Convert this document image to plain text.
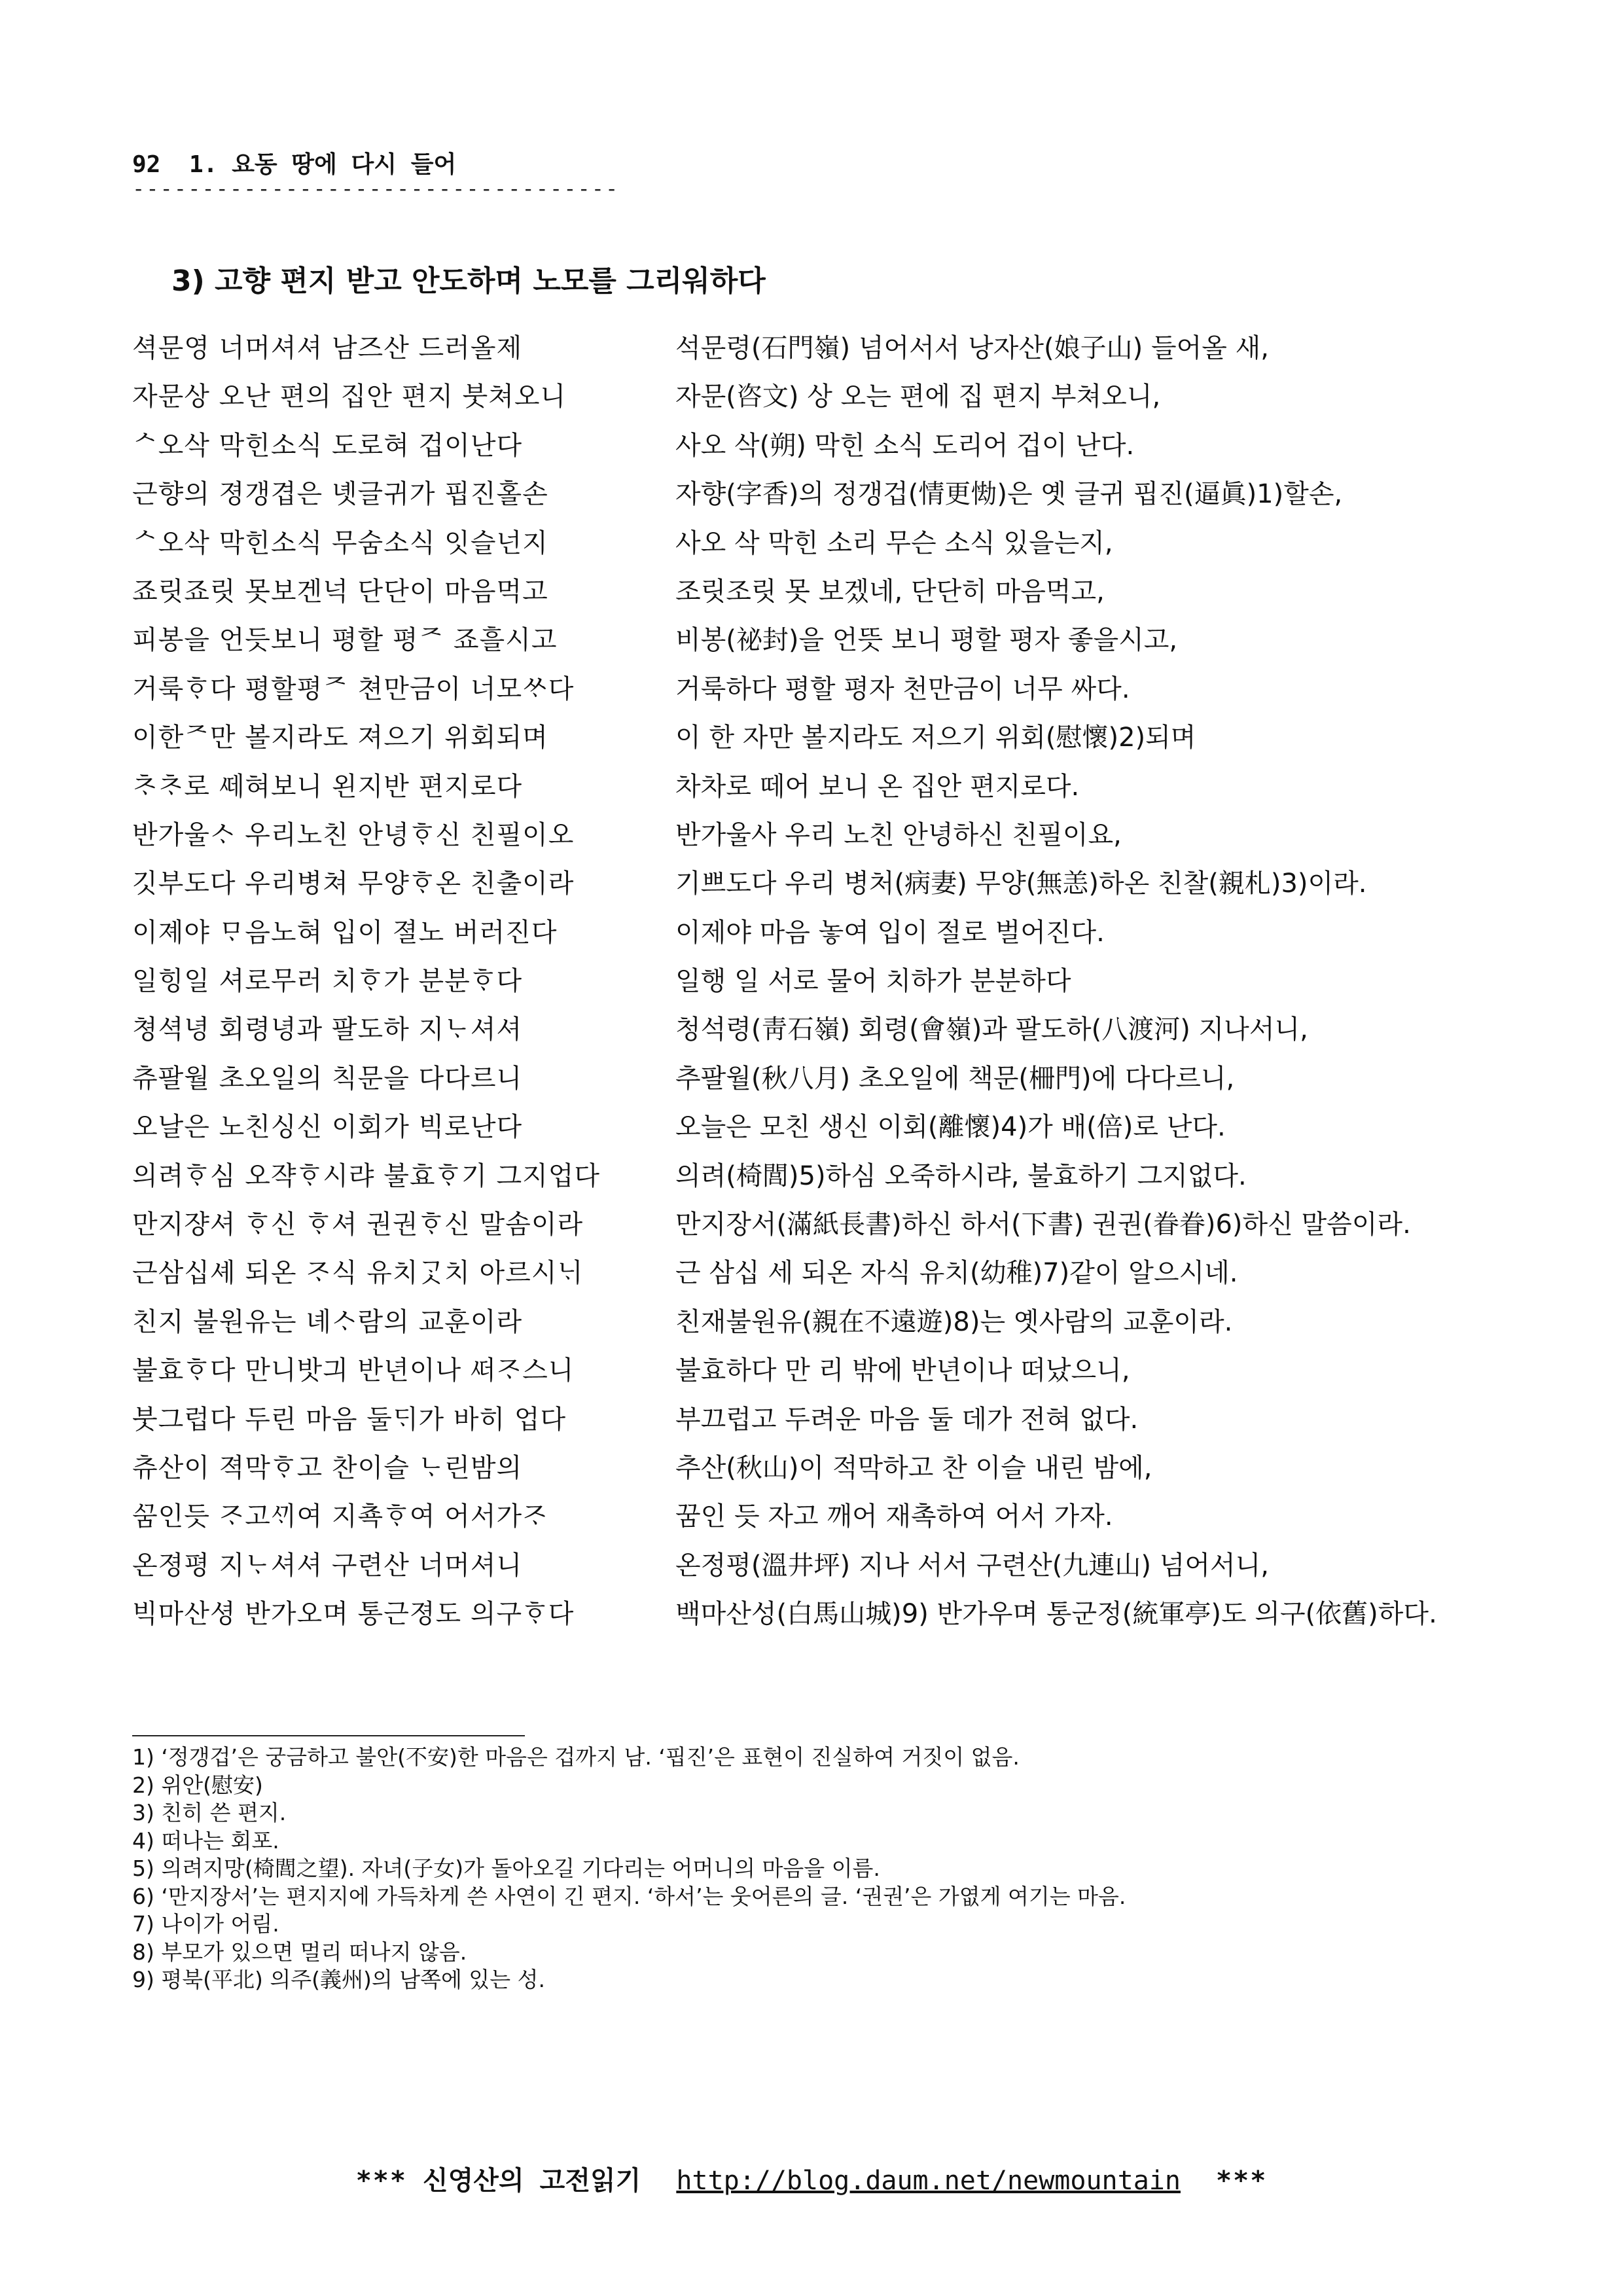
92 1. 요동 땅에 다시 들어
-----------------------------------
3) 고향 편지 받고 안도하며 노모를 그리워하다
셕문영 너머셔셔 남즈산 드러올제	석문령(石門嶺) 넘어서서 낭자산(娘子山) 들어올 새,
자문상 오난 편의 집안 편지 붓쳐오니	자문(咨文) 상 오는 편에 집 편지 부쳐오니,
ᄉ오삭 막힌소식 도로혀 겁이난다	사오 삭(朔) 막힌 소식 도리어 겁이 난다.
근향의 졍갱겹은 녯글귀가 핍진홀손	자향(字香)의 정갱겁(情更㤼)은 옛 글귀 핍진(逼眞)1)할손,
ᄉ오삭 막힌소식 무숨소식 잇슬넌지	사오 삭 막힌 소리 무슨 소식 있을는지,
죠릿죠릿 못보겐넉 단단이 마음먹고	조릿조릿 못 보겠네, 단단히 마음먹고,
피봉을 언듯보니 평할 평ᄌ 죠흘시고	비봉(祕封)을 언뜻 보니 평할 평자 좋을시고,
거룩ᄒᆞ다 평할평ᄌ 쳔만금이 너모ᄊᆞ다	거룩하다 평할 평자 천만금이 너무 싸다.
이한ᄌ만 볼지라도 져으기 위회되며	이 한 자만 볼지라도 저으기 위회(慰懷)2)되며
ᄎᆞᄎᆞ로 ᄯᅦ혀보니 왼지반 편지로다	차차로 떼어 보니 온 집안 편지로다.
반가울ᄉᆞ 우리노친 안녕ᄒᆞ신 친필이오	반가울사 우리 노친 안녕하신 친필이요,
깃부도다 우리병쳐 무양ᄒᆞ온 친출이라	기쁘도다 우리 병처(病妻) 무양(無恙)하온 친찰(親札)3)이라.
이졔야 ᄆᆞ음노혀 입이 졀노 버러진다	이제야 마음 놓여 입이 절로 벌어진다.
일힝일 셔로무러 치ᄒᆞ가 분분ᄒᆞ다	일행 일 서로 물어 치하가 분분하다
쳥셕녕 회령녕과 팔도하 지ᄂᆞ셔셔	청석령(靑石嶺) 회령(會嶺)과 팔도하(八渡河) 지나서니,
츄팔월 초오일의 칙문을 다다르니	추팔월(秋八月) 초오일에 책문(柵門)에 다다르니,
오날은 노친싱신 이회가 빅로난다	오늘은 모친 생신 이회(離懷)4)가 배(倍)로 난다.
의려ᄒᆞ심 오쟉ᄒᆞ시랴 불효ᄒᆞ기 그지업다	의려(椅閭)5)하심 오죽하시랴, 불효하기 그지없다.
만지쟝셔 ᄒᆞ신 ᄒᆞ셔 권권ᄒᆞ신 말솜이라	만지장서(滿紙長書)하신 하서(下書) 권권(眷眷)6)하신 말씀이라.
근삼십셰 되온 ᄌᆞ식 유치ᄀᆞᆺ치 아르시ᄂᆡ	근 삼십 세 되온 자식 유치(幼稚)7)같이 알으시네.
친지 불원유는 녜ᄉᆞ람의 교훈이라	친재불원유(親在不遠遊)8)는 옛사람의 교훈이라.
불효ᄒᆞ다 만니밧긔 반년이나 ᄯᅥᄌᆞ스니	불효하다 만 리 밖에 반년이나 떠났으니,
붓그럽다 두린 마음 둘ᄃᆡ가 바히 업다	부끄럽고 두려운 마음 둘 데가 전혀 없다.
츄산이 젹막ᄒᆞ고 찬이슬 ᄂᆞ린밤의	추산(秋山)이 적막하고 찬 이슬 내린 밤에,
ᄭᅮᆷ인듯 ᄌᆞ고ᄭᆡ여 지쵹ᄒᆞ여 어서가ᄌᆞ	꿈인 듯 자고 깨어 재촉하여 어서 가자.
온졍평 지ᄂᆞ셔셔 구련산 너머셔니	온정평(溫井坪) 지나 서서 구련산(九連山) 넘어서니,
빅마산셩 반가오며 통근졍도 의구ᄒᆞ다	백마산성(白馬山城)9) 반가우며 통군정(統軍亭)도 의구(依舊)하다.
1) ‘정갱겁’은 궁금하고 불안(不安)한 마음은 겁까지 남. ‘핍진’은 표현이 진실하여 거짓이 없음.
2) 위안(慰安)
3) 친히 쓴 편지.
4) 떠나는 회포.
5) 의려지망(椅閭之望). 자녀(子女)가 돌아오길 기다리는 어머니의 마음을 이름.
6) ‘만지장서’는 편지지에 가득차게 쓴 사연이 긴 편지. ‘하서’는 웃어른의 글. ‘권권’은 가엾게 여기는 마음.
7) 나이가 어림.
8) 부모가 있으면 멀리 떠나지 않음.
9) 평북(平北) 의주(義州)의 남쪽에 있는 성.
*** 신영산의 고전읽기 http://blog.daum.net/newmountain ***
